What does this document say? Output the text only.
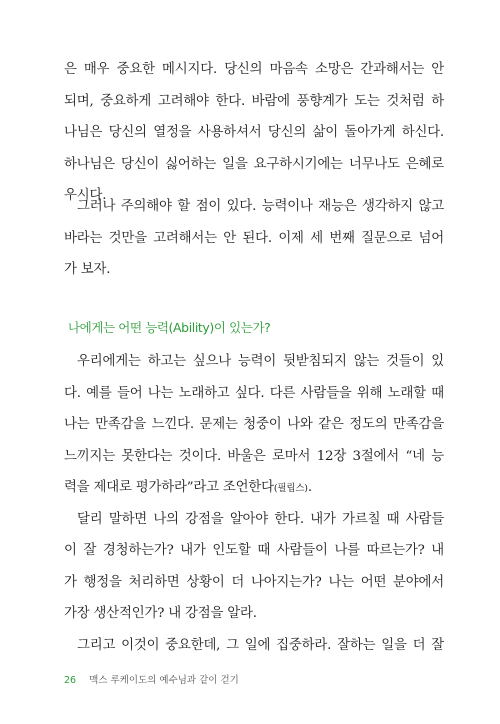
은 매우 중요한 메시지다. 당신의 마음속 소망은 간과해서는 안
되며, 중요하게 고려해야 한다. 바람에 풍향계가 도는 것처럼 하
나님은 당신의 열정을 사용하셔서 당신의 삶이 돌아가게 하신다.
하나님은 당신이 싫어하는 일을 요구하시기에는 너무나도 은혜로
우시다.
그러나 주의해야 할 점이 있다. 능력이나 재능은 생각하지 않고
바라는 것만을 고려해서는 안 된다. 이제 세 번째 질문으로 넘어
가 보자.
나에게는 어떤 능력(Ability)이 있는가?
우리에게는 하고는 싶으나 능력이 뒷받침되지 않는 것들이 있
다. 예를 들어 나는 노래하고 싶다. 다른 사람들을 위해 노래할 때
나는 만족감을 느낀다. 문제는 청중이 나와 같은 정도의 만족감을
느끼지는 못한다는 것이다. 바울은 로마서 12장 3절에서 “네 능
력을 제대로 평가하라”라고 조언한다(필립스).
달리 말하면 나의 강점을 알아야 한다. 내가 가르칠 때 사람들
이 잘 경청하는가? 내가 인도할 때 사람들이 나를 따르는가? 내
가 행정을 처리하면 상황이 더 나아지는가? 나는 어떤 분야에서
가장 생산적인가? 내 강점을 알라.
그리고 이것이 중요한데, 그 일에 집중하라. 잘하는 일을 더 잘
26 맥스 루케이도의 예수님과 같이 걷기
